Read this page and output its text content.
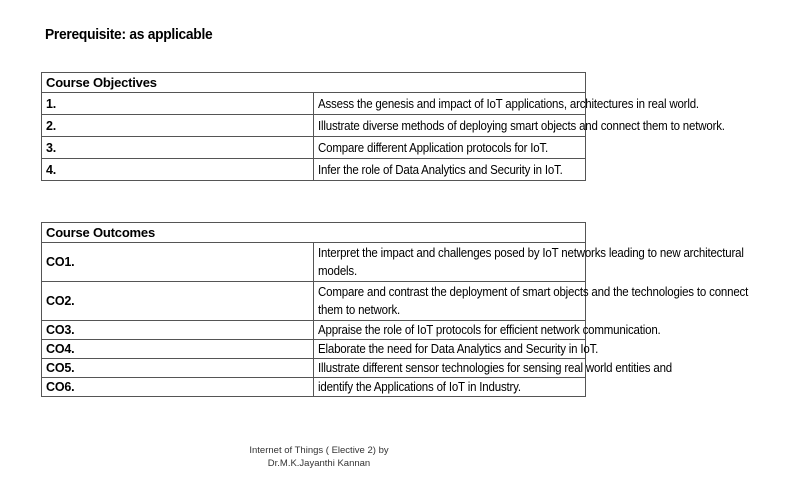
Prerequisite: as applicable
Course Objectives	
1.	Assess the genesis and impact of IoT applications, architectures in real world.
2.	Illustrate diverse methods of deploying smart objects and connect them to network.
3.	Compare different Application protocols for IoT.
4.	Infer the role of Data Analytics and Security in IoT.
Course Outcomes	
CO1.	Interpret the impact and challenges posed by IoT networks leading to new architectural
models.
CO2.	Compare and contrast the deployment of smart objects and the technologies to connect
them to network.
CO3.	Appraise the role of IoT protocols for efficient network communication.
CO4.	Elaborate the need for Data Analytics and Security in IoT.
CO5.	Illustrate different sensor technologies for sensing real world entities and
CO6.	identify the Applications of IoT in Industry.
Internet of Things ( Elective 2) by
Dr.M.K.Jayanthi Kannan
